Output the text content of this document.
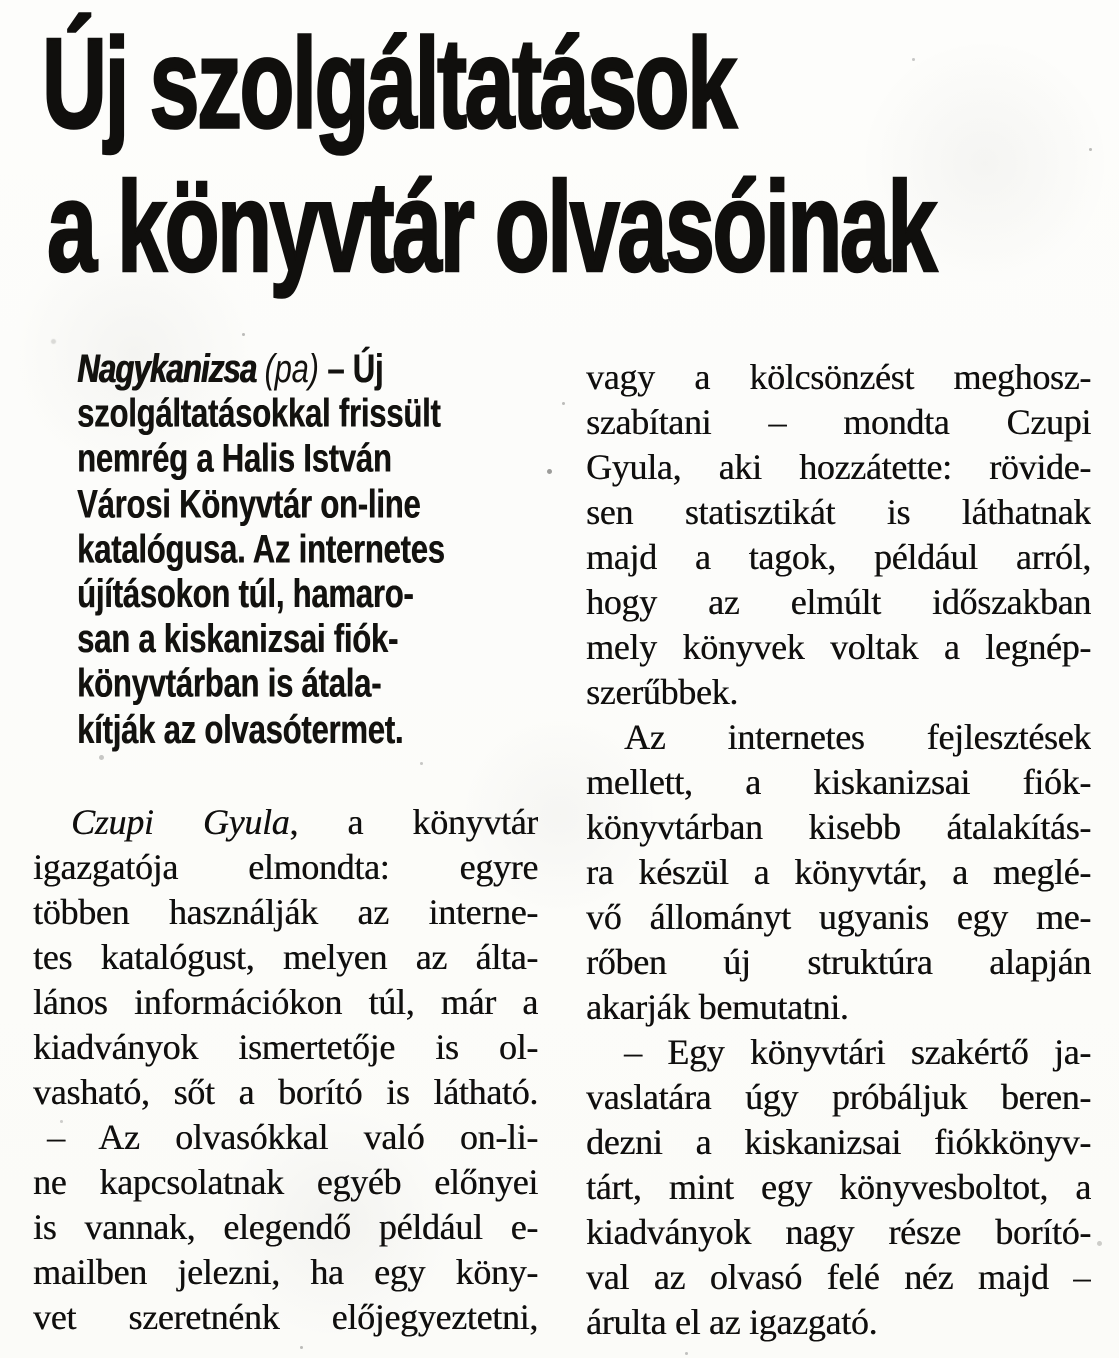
Új szolgáltatások
a könyvtár olvasóinak
Nagykanizsa (pa) – Új
szolgáltatásokkal frissült
nemrég a Halis István
Városi Könyvtár on-line
katalógusa. Az internetes
újításokon túl, hamaro-
san a kiskanizsai fiók-
könyvtárban is átala-
kítják az olvasótermet.
Czupi Gyula, a könyvtár
igazgatója elmondta: egyre
többen használják az interne-
tes katalógust, melyen az álta-
lános információkon túl, már a
kiadványok ismertetője is ol-
vasható, sőt a borító is látható.
– Az olvasókkal való on-li-
ne kapcsolatnak egyéb előnyei
is vannak, elegendő például e-
mailben jelezni, ha egy köny-
vet szeretnénk előjegyeztetni,
vagy a kölcsönzést meghosz-
szabítani – mondta Czupi
Gyula, aki hozzátette: rövide-
sen statisztikát is láthatnak
majd a tagok, például arról,
hogy az elmúlt időszakban
mely könyvek voltak a legnép-
szerűbbek.
Az internetes fejlesztések
mellett, a kiskanizsai fiók-
könyvtárban kisebb átalakítás-
ra készül a könyvtár, a meglé-
vő állományt ugyanis egy me-
rőben új struktúra alapján
akarják bemutatni.
– Egy könyvtári szakértő ja-
vaslatára úgy próbáljuk beren-
dezni a kiskanizsai fiókkönyv-
tárt, mint egy könyvesboltot, a
kiadványok nagy része borító-
val az olvasó felé néz majd –
árulta el az igazgató.
